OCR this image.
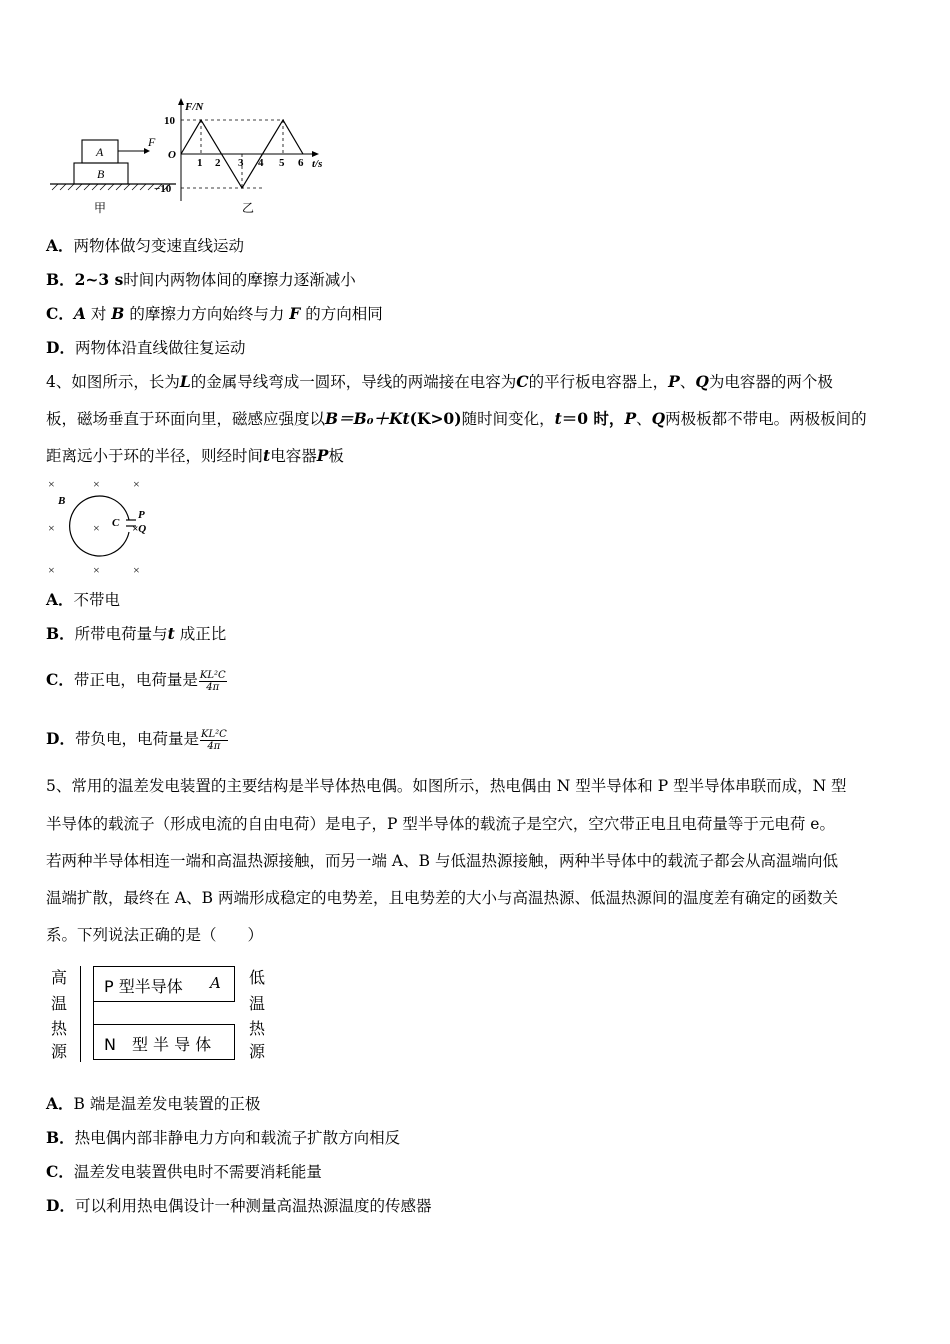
A
B
F
甲
F/N
t/s
O
10
−10
1 2 3 4 5 6
乙
A．两物体做匀变速直线运动
B．2~3 s时间内两物体间的摩擦力逐渐减小
C．A 对 B 的摩擦力方向始终与力 F 的方向相同
D．两物体沿直线做往复运动
4、如图所示，长为L的金属导线弯成一圆环，导线的两端接在电容为C的平行板电容器上，P、Q为电容器的两个极
板，磁场垂直于环面向里，磁感应强度以B＝B₀＋Kt(K>0)随时间变化，t＝0 时，P、Q两极板都不带电。两极板间的
距离远小于环的半径，则经时间t电容器P板
×	×	×
B
×	×
×	×	×
C
P
×Q
A．不带电
B．所带电荷量与t 成正比
C．带正电，电荷量是 $\frac{\text{KL²C}}{4\pi}$
D．带负电，电荷量是 $\frac{\text{KL²C}}{4\pi}$
5、常用的温差发电装置的主要结构是半导体热电偶。如图所示，热电偶由 N 型半导体和 P 型半导体串联而成，N 型
半导体的载流子（形成电流的自由电荷）是电子，P 型半导体的载流子是空穴，空穴带正电且电荷量等于元电荷 e。
若两种半导体相连一端和高温热源接触，而另一端 A、B 与低温热源接触，两种半导体中的载流子都会从高温端向低
温端扩散，最终在 A、B 两端形成稳定的电势差，且电势差的大小与高温热源、低温热源间的温度差有确定的函数关
系。下列说法正确的是（　　）
高
温
热
源
P 型半导体 A
N　型 半 导 体
低
温
热
源
A．B 端是温差发电装置的正极
B．热电偶内部非静电力方向和载流子扩散方向相反
C．温差发电装置供电时不需要消耗能量
D．可以利用热电偶设计一种测量高温热源温度的传感器
